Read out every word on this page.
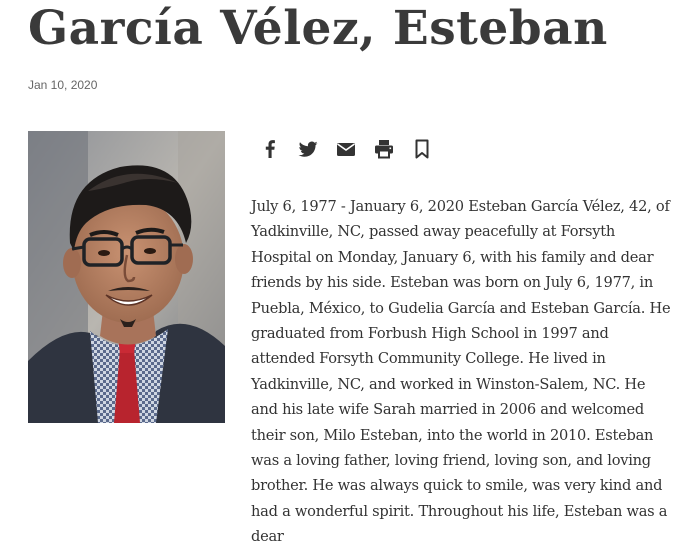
García Vélez, Esteban
Jan 10, 2020

July 6, 1977 - January 6, 2020 Esteban García Vélez, 42, of Yadkinville, NC, passed away peacefully at Forsyth Hospital on Monday, January 6, with his family and dear friends by his side. Esteban was born on July 6, 1977, in Puebla, México, to Gudelia García and Esteban García. He graduated from Forbush High School in 1997 and attended Forsyth Community College. He lived in Yadkinville, NC, and worked in Winston-Salem, NC. He and his late wife Sarah married in 2006 and welcomed their son, Milo Esteban, into the world in 2010. Esteban was a loving father, loving friend, loving son, and loving brother. He was always quick to smile, was very kind and had a wonderful spirit. Throughout his life, Esteban was a dear
